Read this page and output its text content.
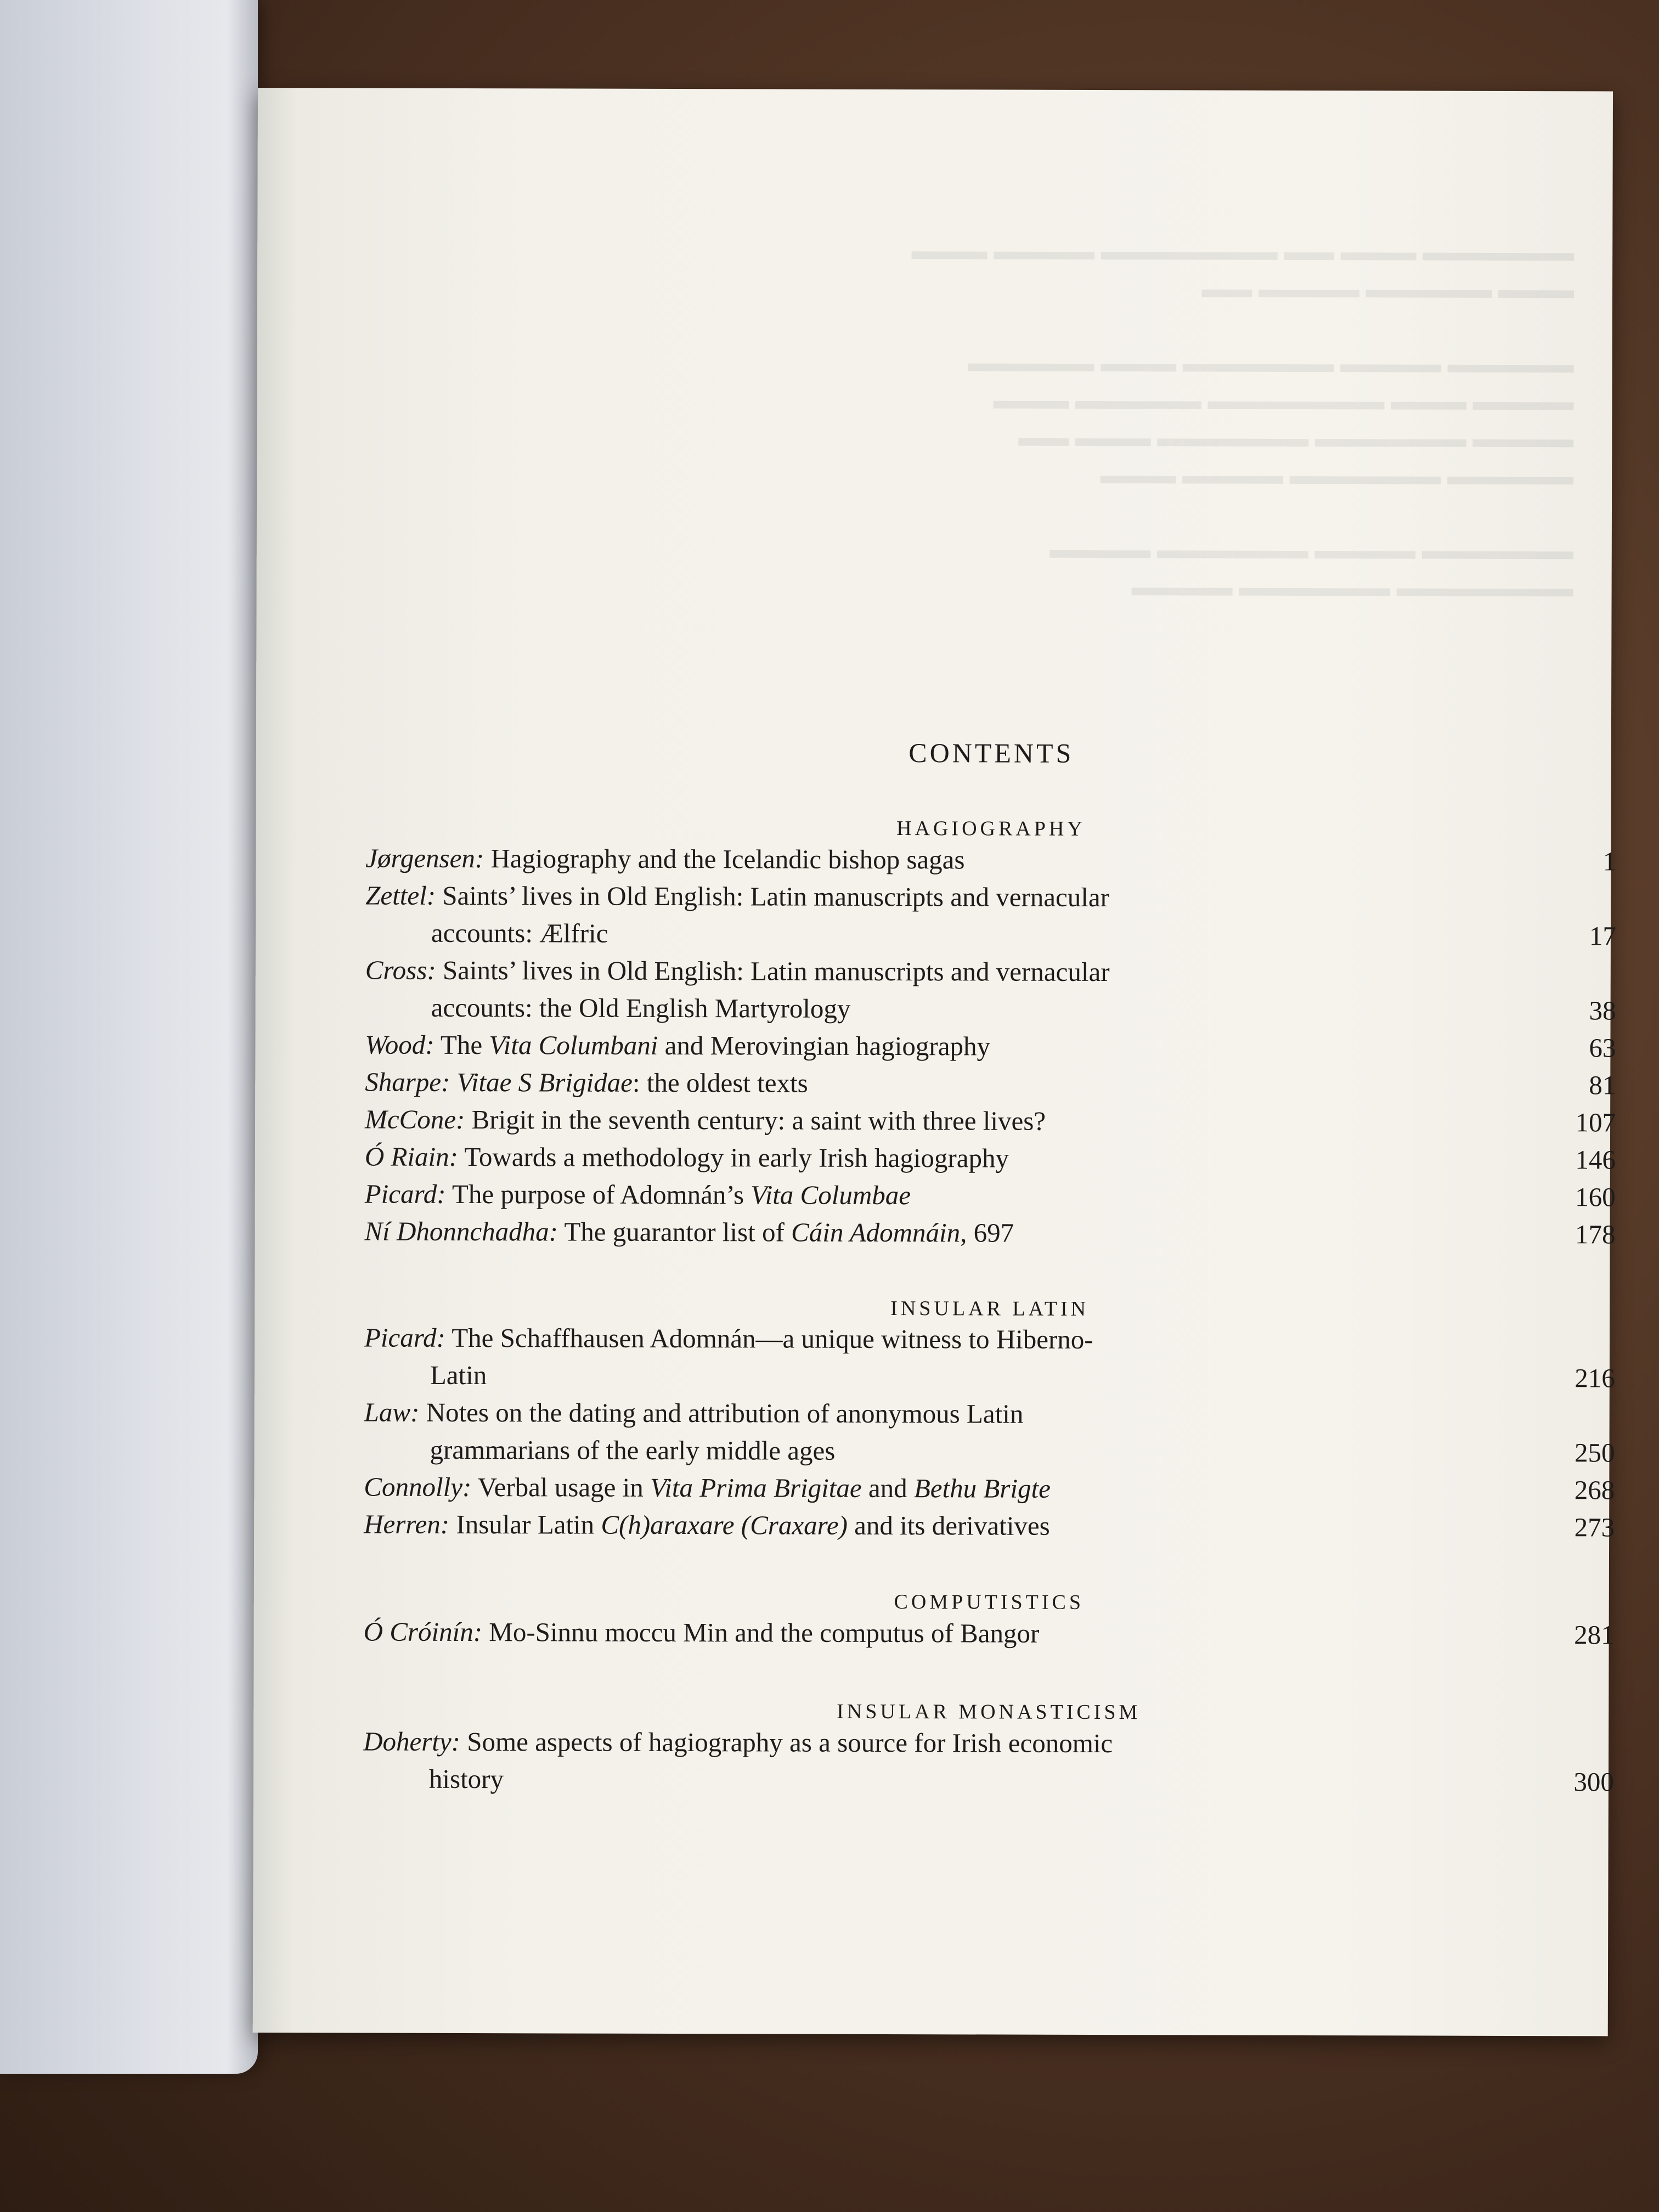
▬▬▬▬▬▬ ▬▬▬ ▬▬ ▬▬▬▬▬▬▬ ▬▬▬▬ ▬▬▬
▬▬▬ ▬▬▬▬▬ ▬▬▬▬ ▬▬

▬▬▬▬▬ ▬▬▬▬ ▬▬▬▬▬▬ ▬▬▬ ▬▬▬▬▬
▬▬▬▬ ▬▬▬ ▬▬▬▬▬▬▬ ▬▬▬▬▬ ▬▬▬
▬▬▬▬ ▬▬▬▬▬▬ ▬▬▬▬▬▬ ▬▬▬ ▬▬
▬▬▬▬▬ ▬▬▬▬▬▬ ▬▬▬▬ ▬▬▬

▬▬▬▬▬▬ ▬▬▬▬ ▬▬▬▬▬▬ ▬▬▬▬
▬▬▬▬▬▬▬ ▬▬▬▬▬▬ ▬▬▬▬
CONTENTS
HAGIOGRAPHY
Jørgensen: Hagiography and the Icelandic bishop sagas	1
Zettel: Saints’ lives in Old English: Latin manuscripts and vernacular
accounts: Ælfric	17
Cross: Saints’ lives in Old English: Latin manuscripts and vernacular
accounts: the Old English Martyrology	38
Wood: The Vita Columbani and Merovingian hagiography	63
Sharpe: Vitae S Brigidae: the oldest texts	81
McCone: Brigit in the seventh century: a saint with three lives?	107
Ó Riain: Towards a methodology in early Irish hagiography	146
Picard: The purpose of Adomnán’s Vita Columbae	160
Ní Dhonnchadha: The guarantor list of Cáin Adomnáin, 697	178
INSULAR LATIN
Picard: The Schaffhausen Adomnán—a unique witness to Hiberno-
Latin	216
Law: Notes on the dating and attribution of anonymous Latin
grammarians of the early middle ages	250
Connolly: Verbal usage in Vita Prima Brigitae and Bethu Brigte	268
Herren: Insular Latin C(h)araxare (Craxare) and its derivatives	273
COMPUTISTICS
Ó Cróinín: Mo-Sinnu moccu Min and the computus of Bangor	281
INSULAR MONASTICISM
Doherty: Some aspects of hagiography as a source for Irish economic
history	300
